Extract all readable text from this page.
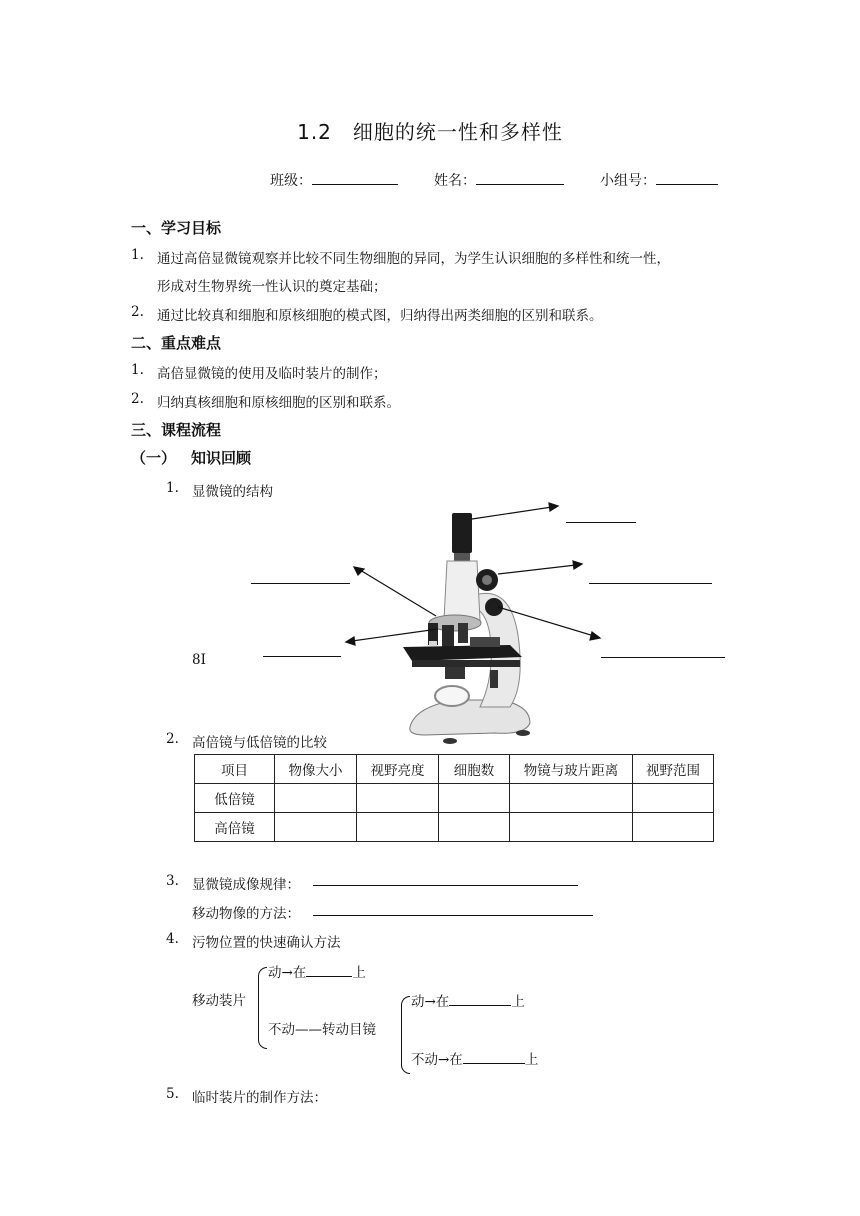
1.2　细胞的统一性和多样性
班级：	姓名：	小组号：
一、学习目标
1. 通过高倍显微镜观察并比较不同生物细胞的异同，为学生认识细胞的多样性和统一性，
形成对生物界统一性认识的奠定基础；
2. 通过比较真和细胞和原核细胞的模式图，归纳得出两类细胞的区别和联系。
二、重点难点
1. 高倍显微镜的使用及临时装片的制作；
2. 归纳真核细胞和原核细胞的区别和联系。
三、课程流程
（一） 知识回顾
1. 显微镜的结构
8I
2. 高倍镜与低倍镜的比较
项目	物像大小	视野亮度	细胞数	物镜与玻片距离	视野范围
低倍镜					
高倍镜					
3. 显微镜成像规律：
移动物像的方法：
4. 污物位置的快速确认方法
移动装片
动→在	上
不动——转动目镜
动→在	上
不动→在	上
5. 临时装片的制作方法：
